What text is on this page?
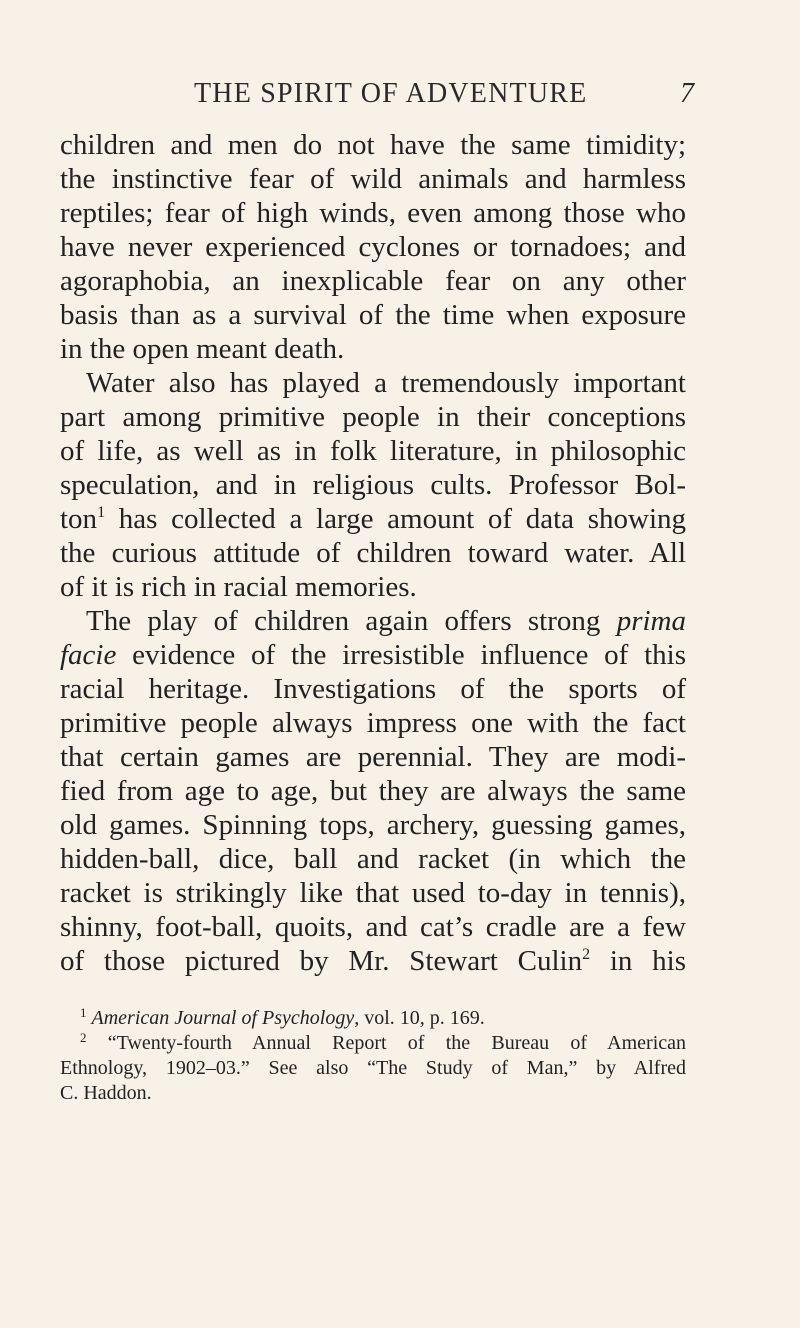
THE SPIRIT OF ADVENTURE	7

children and men do not have the same timidity;

the instinctive fear of wild animals and harmless

reptiles; fear of high winds, even among those who

have never experienced cyclones or tornadoes; and

agoraphobia, an inexplicable fear on any other

basis than as a survival of the time when exposure

in the open meant death.

Water also has played a tremendously important

part among primitive people in their conceptions

of life, as well as in folk literature, in philosophic

speculation, and in religious cults. Professor Bol-

ton$^1$ has collected a large amount of data showing

the curious attitude of children toward water. All

of it is rich in racial memories.

The play of children again offers strong prima

facie evidence of the irresistible influence of this

racial heritage. Investigations of the sports of

primitive people always impress one with the fact

that certain games are perennial. They are modi-

fied from age to age, but they are always the same

old games. Spinning tops, archery, guessing games,

hidden-ball, dice, ball and racket (in which the

racket is strikingly like that used to-day in tennis),

shinny, foot-ball, quoits, and cat’s cradle are a few

of those pictured by Mr. Stewart Culin$^2$ in his

$^1$ American Journal of Psychology, vol. 10, p. 169.
$^2$ “Twenty-fourth Annual Report of the Bureau of American
Ethnology, 1902–03.” See also “The Study of Man,” by Alfred
C. Haddon.
